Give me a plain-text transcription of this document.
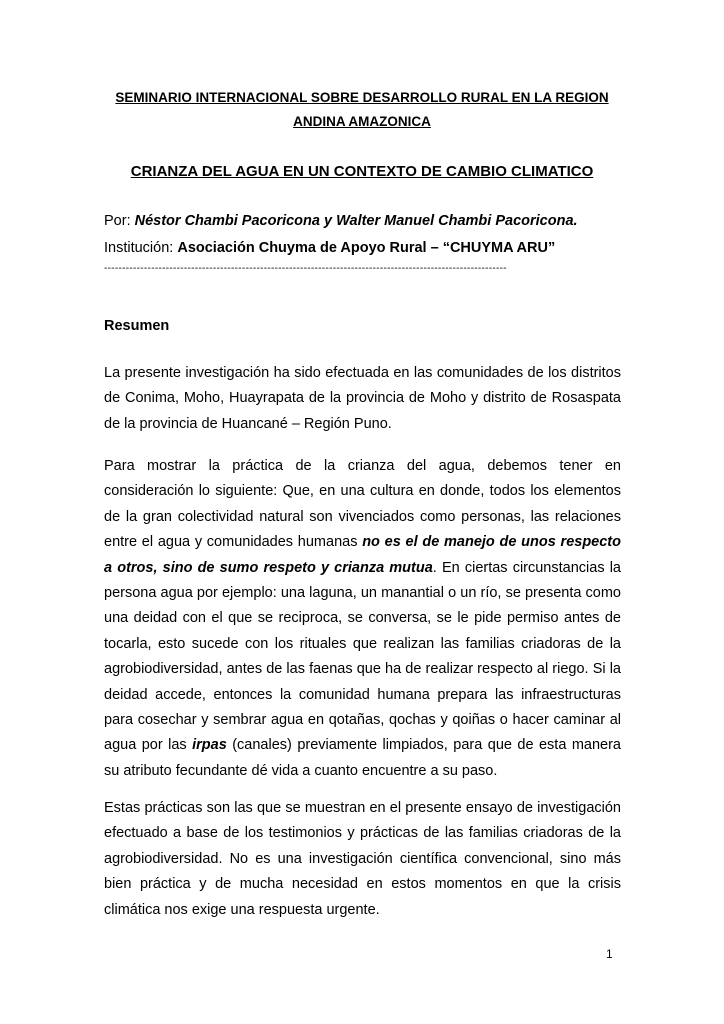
SEMINARIO INTERNACIONAL SOBRE DESARROLLO RURAL EN LA REGION ANDINA AMAZONICA
CRIANZA DEL AGUA EN UN CONTEXTO DE CAMBIO CLIMATICO
Por: Néstor Chambi Pacoricona y Walter Manuel Chambi Pacoricona.
Institución: Asociación Chuyma de Apoyo Rural – “CHUYMA ARU”
---------------------------------------------------------------------------------------------------------------
Resumen

La presente investigación ha sido efectuada en las comunidades de los distritos de Conima, Moho, Huayrapata de la provincia de Moho y distrito de Rosaspata de la provincia de Huancané – Región Puno.

Para mostrar la práctica de la crianza del agua, debemos tener en consideración lo siguiente: Que, en una cultura en donde, todos los elementos de la gran colectividad natural son vivenciados como personas, las relaciones entre el agua y comunidades humanas no es el de manejo de unos respecto a otros, sino de sumo respeto y crianza mutua. En ciertas circunstancias la persona agua por ejemplo: una laguna, un manantial o un río, se presenta como una deidad con el que se reciproca, se conversa, se le pide permiso antes de tocarla, esto sucede con los rituales que realizan las familias criadoras de la agrobiodiversidad, antes de las faenas que ha de realizar respecto al riego. Si la deidad accede, entonces la comunidad humana prepara las infraestructuras para cosechar y sembrar agua en qotañas, qochas y qoiñas o hacer caminar al agua por las irpas (canales) previamente limpiados, para que de esta manera su atributo fecundante dé vida a cuanto encuentre a su paso.

Estas prácticas son las que se muestran en el presente ensayo de investigación efectuado a base de los testimonios y prácticas de las familias criadoras de la agrobiodiversidad. No es una investigación científica convencional, sino más bien práctica y de mucha necesidad en estos momentos en que la crisis climática nos exige una respuesta urgente.

1
